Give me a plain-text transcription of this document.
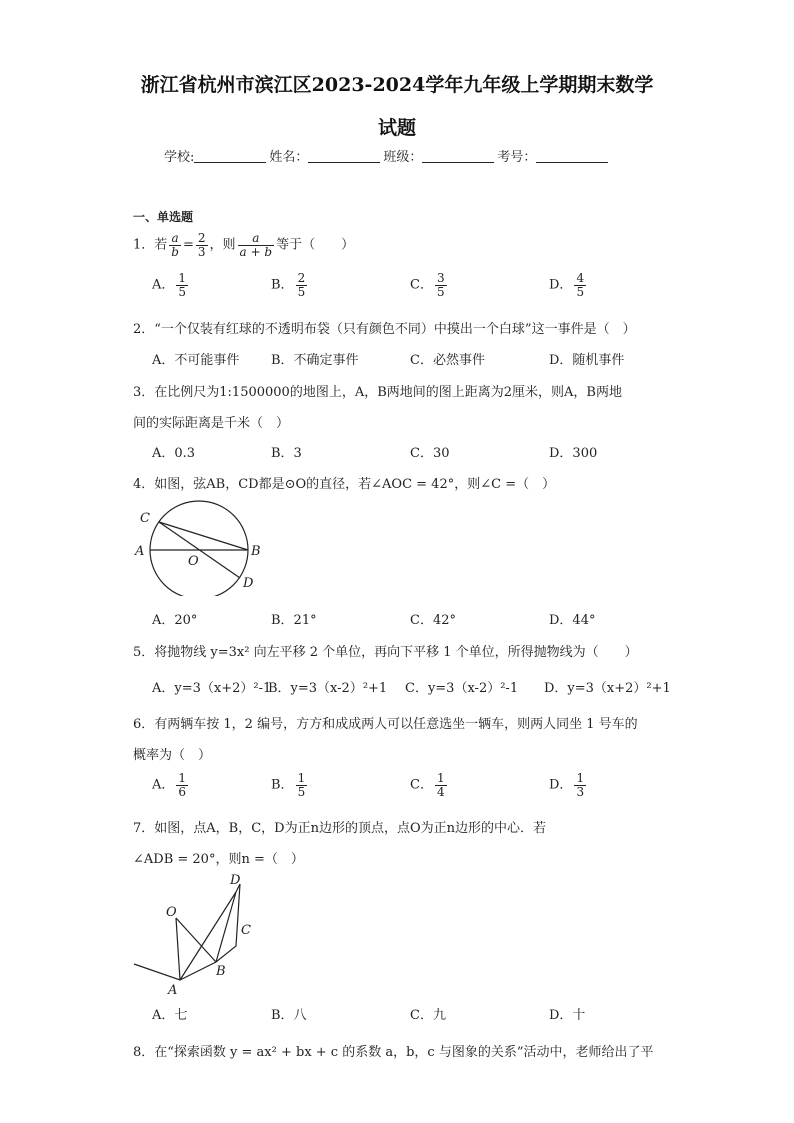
浙江省杭州市滨江区2023-2024学年九年级上学期期末数学
试题
学校:	姓名：	班级：	考号：
一、单选题
1．若 $\frac{a}{b} = \frac{2}{3}$ ，则 $\frac{a}{a + b}$ 等于（　　）
A． $\frac{1}{5}$	B． $\frac{2}{5}$	C． $\frac{3}{5}$	D． $\frac{4}{5}$
2．“一个仅装有红球的不透明布袋（只有颜色不同）中摸出一个白球”这一事件是（　）
A．不可能事件 B．不确定事件	C．必然事件	D．随机事件
3．在比例尺为1:1500000的地图上，A，B两地间的图上距离为2厘米，则A，B两地
间的实际距离是千米（　）
A．0.3	B．3	C．30	D．300
4．如图，弦AB，CD都是⊙O的直径，若∠AOC = 42°，则∠C =（　）
C
A	B
O
D
A．20°	B．21°	C．42°	D．44°
5．将抛物线 y=3x² 向左平移 2 个单位，再向下平移 1 个单位，所得抛物线为（　　）
A．y=3（x+2）²-1
B．y=3（x-2）²+1 C．y=3（x-2）²-1 D．y=3（x+2）²+1
6．有两辆车按 1，2 编号，方方和成成两人可以任意选坐一辆车，则两人同坐 1 号车的
概率为（　）
A． $\frac{1}{6}$	B． $\frac{1}{5}$	C． $\frac{1}{4}$	D． $\frac{1}{3}$
7．如图，点A，B，C，D为正n边形的顶点，点O为正n边形的中心．若
∠ADB = 20°，则n =（　）
O
D
C
B
A
A．七	B．八	C．九	D．十
8．在“探索函数 y = ax² + bx + c 的系数 a，b，c 与图象的关系”活动中，老师给出了平
